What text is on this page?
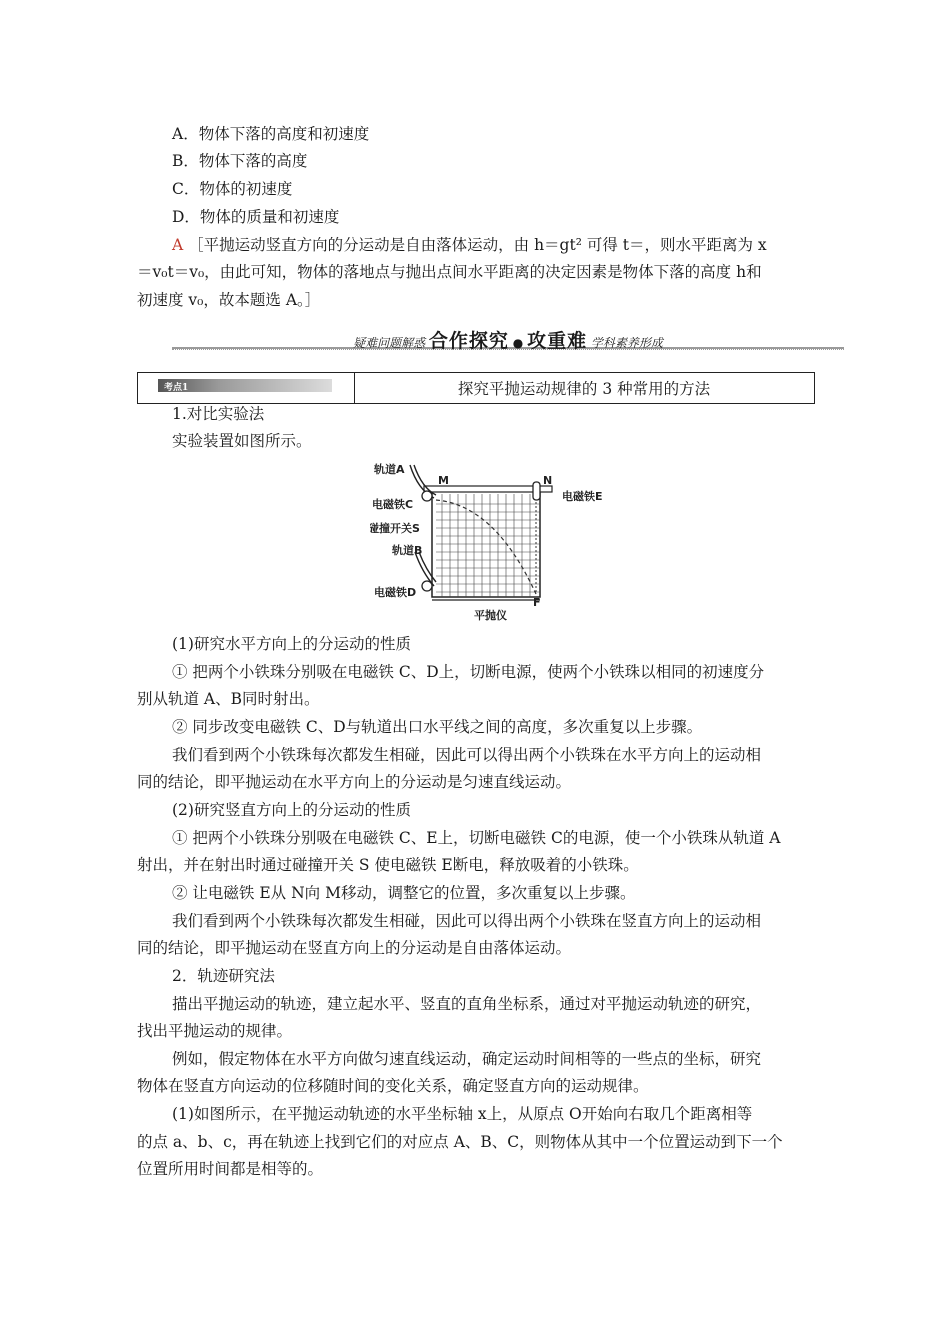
A．物体下落的高度和初速度
B．物体下落的高度
C．物体的初速度
D．物体的质量和初速度
A ［平抛运动竖直方向的分运动是自由落体运动，由 h＝gt² 可得 t＝，则水平距离为 x
＝v₀t＝v₀，由此可知，物体的落地点与抛出点间水平距离的决定因素是物体下落的高度 h和
初速度 v₀，故本题选 A。］
疑难问题解惑 合作探究 ● 攻重难 学科素养形成
考点1	探究平抛运动规律的 3 种常用的方法
1.对比实验法
实验装置如图所示。
轨道A
M	N
电磁铁C
电磁铁E
碰撞开关S
轨道B
电磁铁D
F
平抛仪
(1)研究水平方向上的分运动的性质
① 把两个小铁珠分别吸在电磁铁 C、D上，切断电源，使两个小铁珠以相同的初速度分
别从轨道 A、B同时射出。
② 同步改变电磁铁 C、D与轨道出口水平线之间的高度，多次重复以上步骤。
我们看到两个小铁珠每次都发生相碰，因此可以得出两个小铁珠在水平方向上的运动相
同的结论，即平抛运动在水平方向上的分运动是匀速直线运动。
(2)研究竖直方向上的分运动的性质
① 把两个小铁珠分别吸在电磁铁 C、E上，切断电磁铁 C的电源，使一个小铁珠从轨道 A
射出，并在射出时通过碰撞开关 S 使电磁铁 E断电，释放吸着的小铁珠。
② 让电磁铁 E从 N向 M移动，调整它的位置，多次重复以上步骤。
我们看到两个小铁珠每次都发生相碰，因此可以得出两个小铁珠在竖直方向上的运动相
同的结论，即平抛运动在竖直方向上的分运动是自由落体运动。
2．轨迹研究法
描出平抛运动的轨迹，建立起水平、竖直的直角坐标系，通过对平抛运动轨迹的研究，
找出平抛运动的规律。
例如，假定物体在水平方向做匀速直线运动，确定运动时间相等的一些点的坐标，研究
物体在竖直方向运动的位移随时间的变化关系，确定竖直方向的运动规律。
(1)如图所示，在平抛运动轨迹的水平坐标轴 x上，从原点 O开始向右取几个距离相等
的点 a、b、c，再在轨迹上找到它们的对应点 A、B、C，则物体从其中一个位置运动到下一个
位置所用时间都是相等的。
